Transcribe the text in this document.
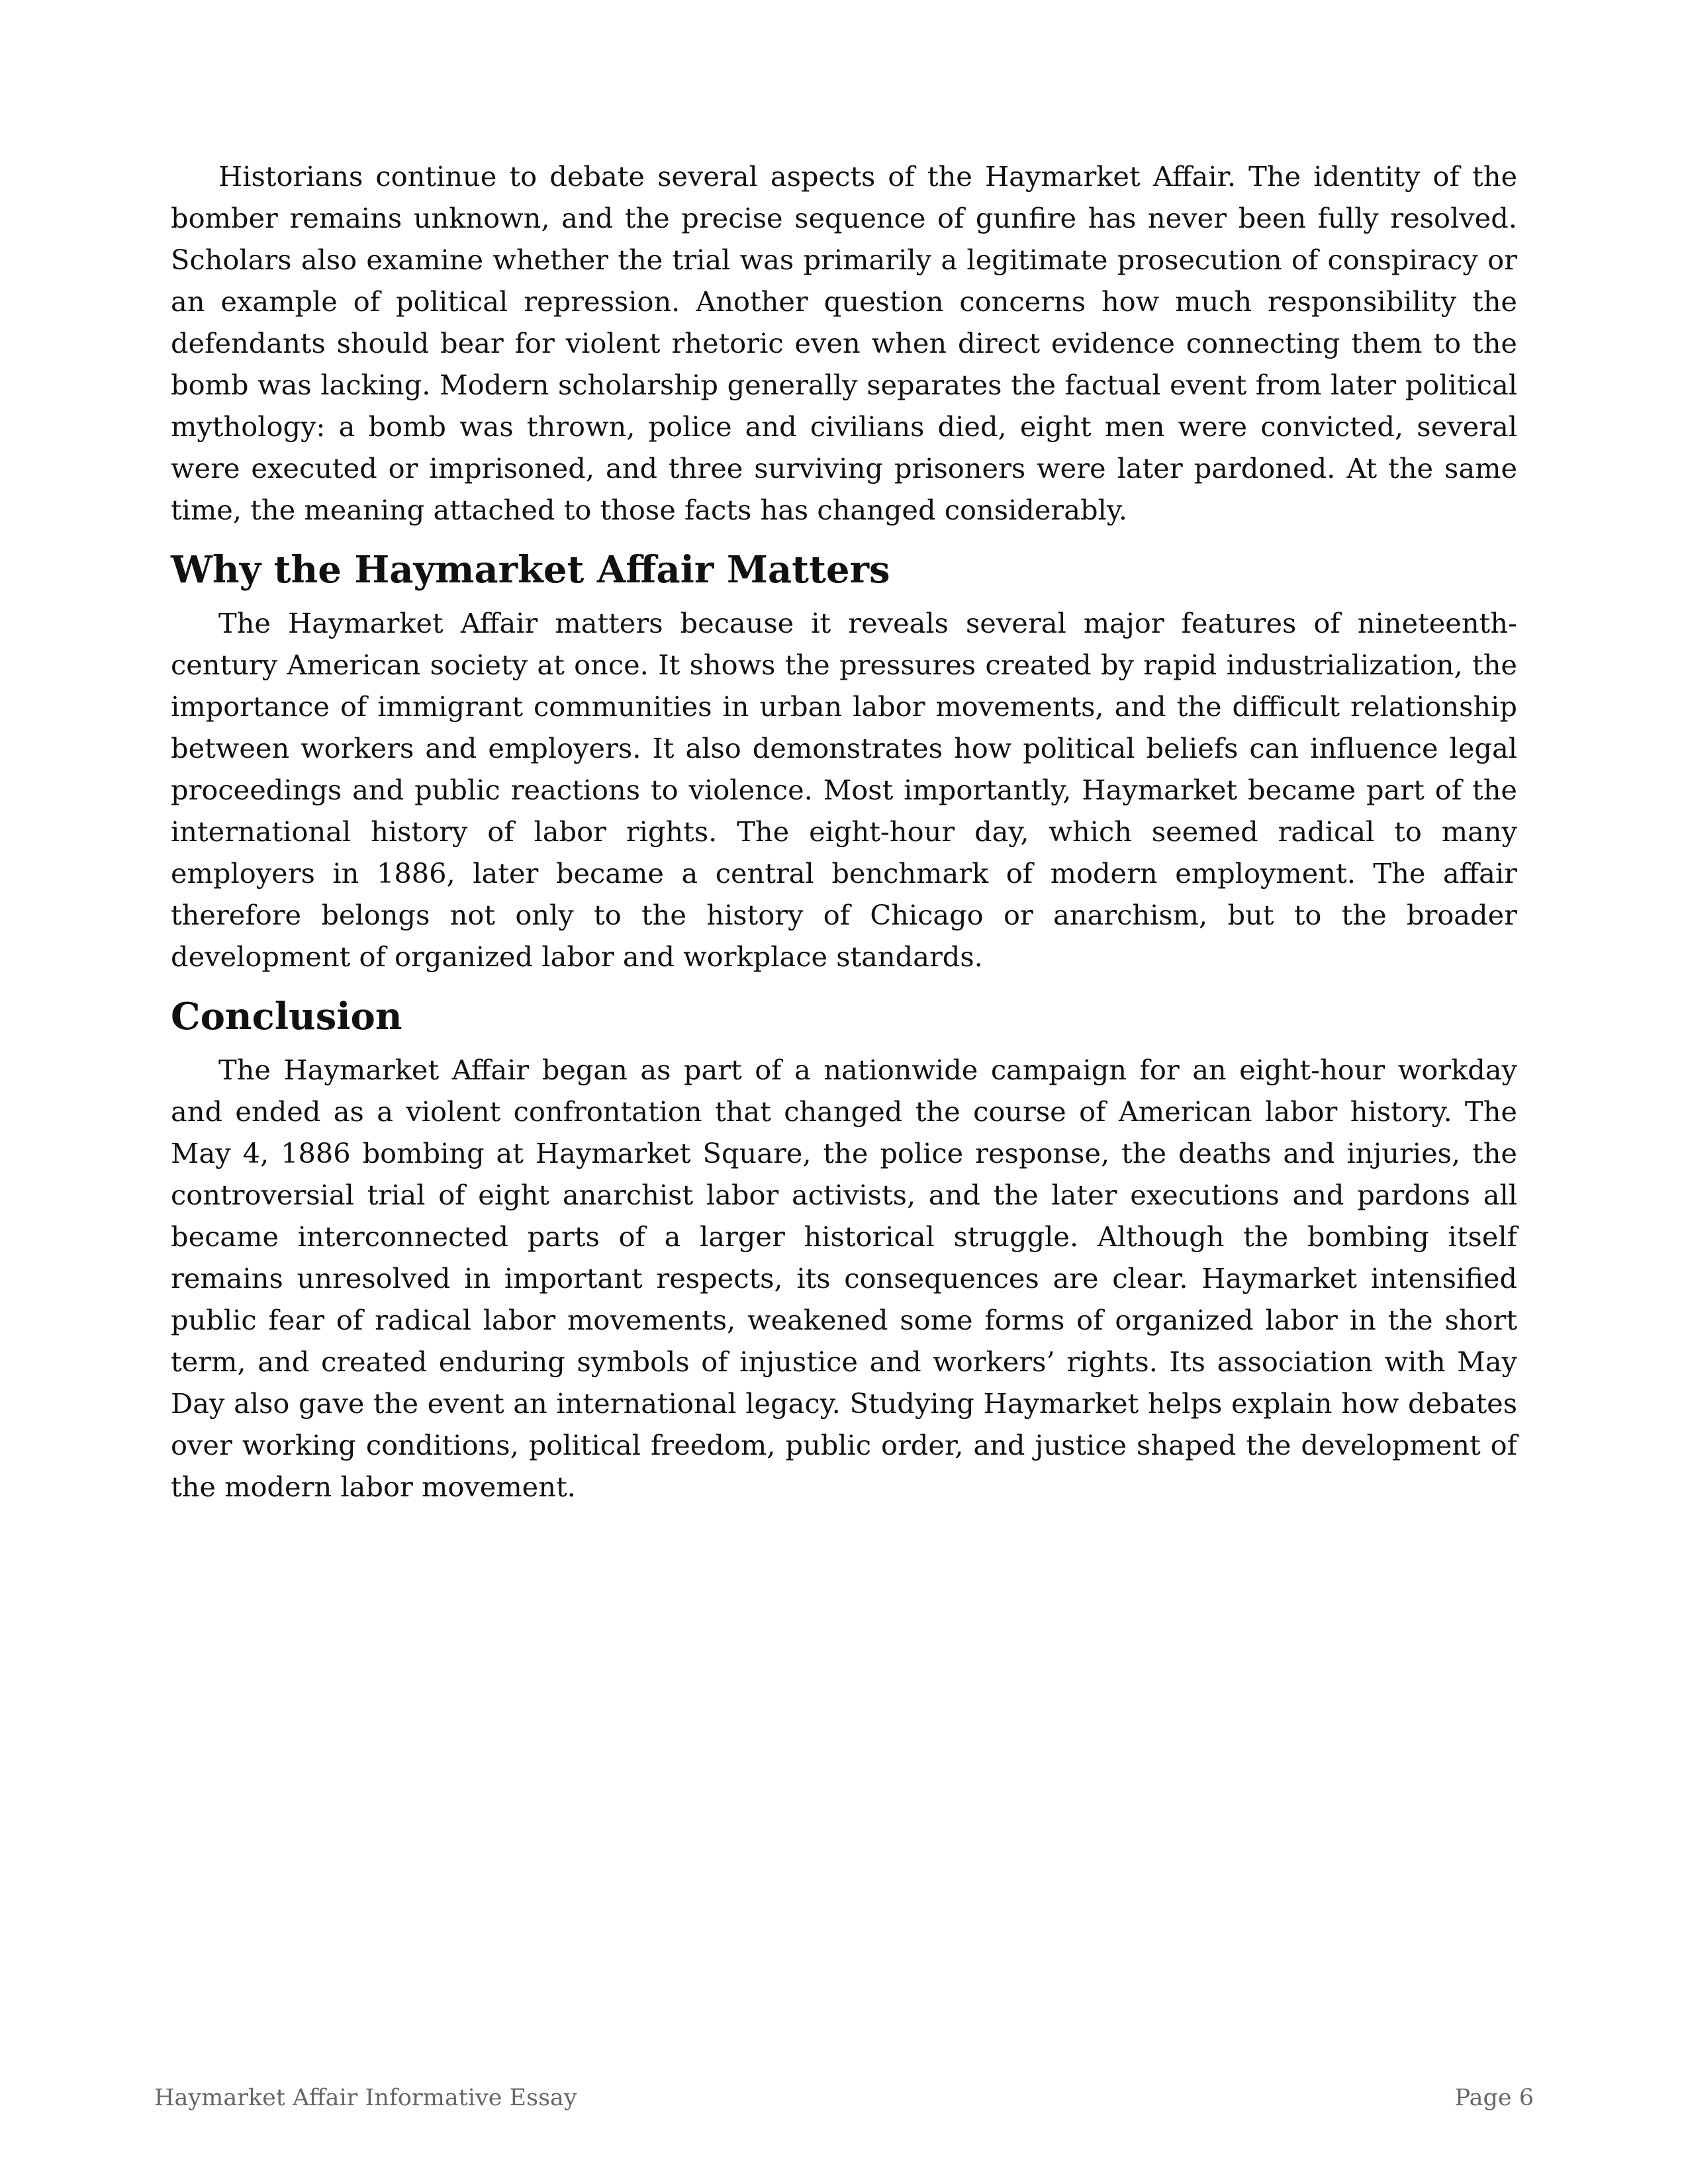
Historians continue to debate several aspects of the Haymarket Affair. The identity of the bomber remains unknown, and the precise sequence of gunfire has never been fully resolved. Scholars also examine whether the trial was primarily a legitimate prosecution of conspiracy or an example of political repression. Another question concerns how much responsibility the defendants should bear for violent rhetoric even when direct evidence connecting them to the bomb was lacking. Modern scholarship generally separates the factual event from later political mythology: a bomb was thrown, police and civilians died, eight men were convicted, several were executed or imprisoned, and three surviving prisoners were later pardoned. At the same time, the meaning attached to those facts has changed considerably.

Why the Haymarket Affair Matters

The Haymarket Affair matters because it reveals several major features of nineteenth-century American society at once. It shows the pressures created by rapid industrialization, the importance of immigrant communities in urban labor movements, and the difficult relationship between workers and employers. It also demonstrates how political beliefs can influence legal proceedings and public reactions to violence. Most importantly, Haymarket became part of the international history of labor rights. The eight-hour day, which seemed radical to many employers in 1886, later became a central benchmark of modern employment. The affair therefore belongs not only to the history of Chicago or anarchism, but to the broader development of organized labor and workplace standards.

Conclusion

The Haymarket Affair began as part of a nationwide campaign for an eight-hour workday and ended as a violent confrontation that changed the course of American labor history. The May 4, 1886 bombing at Haymarket Square, the police response, the deaths and injuries, the controversial trial of eight anarchist labor activists, and the later executions and pardons all became interconnected parts of a larger historical struggle. Although the bombing itself remains unresolved in important respects, its consequences are clear. Haymarket intensified public fear of radical labor movements, weakened some forms of organized labor in the short term, and created enduring symbols of injustice and workers’ rights. Its association with May Day also gave the event an international legacy. Studying Haymarket helps explain how debates over working conditions, political freedom, public order, and justice shaped the development of the modern labor movement.

Haymarket Affair Informative Essay	Page 6
